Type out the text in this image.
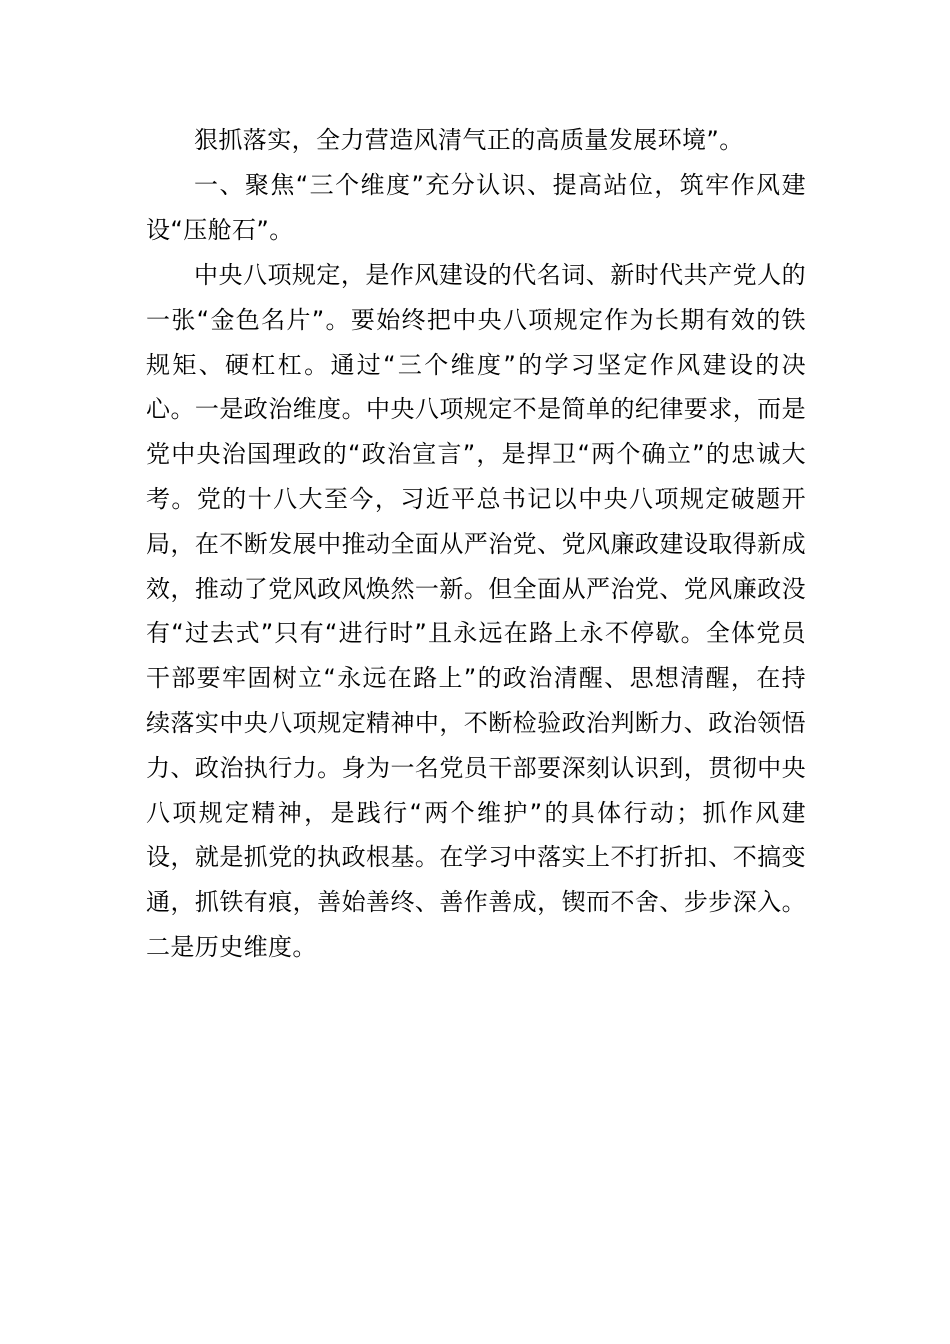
狠抓落实，全力营造风清气正的高质量发展环境”。

一、聚焦“三个维度”充分认识、提高站位，筑牢作风建设“压舱石”。

中央八项规定，是作风建设的代名词、新时代共产党人的一张“金色名片”。要始终把中央八项规定作为长期有效的铁规矩、硬杠杠。通过“三个维度”的学习坚定作风建设的决心。一是政治维度。中央八项规定不是简单的纪律要求，而是党中央治国理政的“政治宣言”，是捍卫“两个确立”的忠诚大考。党的十八大至今，习近平总书记以中央八项规定破题开局，在不断发展中推动全面从严治党、党风廉政建设取得新成效，推动了党风政风焕然一新。但全面从严治党、党风廉政没有“过去式”只有“进行时”且永远在路上永不停歇。全体党员干部要牢固树立“永远在路上”的政治清醒、思想清醒，在持续落实中央八项规定精神中，不断检验政治判断力、政治领悟力、政治执行力。身为一名党员干部要深刻认识到，贯彻中央八项规定精神，是践行“两个维护”的具体行动；抓作风建设，就是抓党的执政根基。在学习中落实上不打折扣、不搞变通，抓铁有痕，善始善终、善作善成，锲而不舍、步步深入。二是历史维度。
